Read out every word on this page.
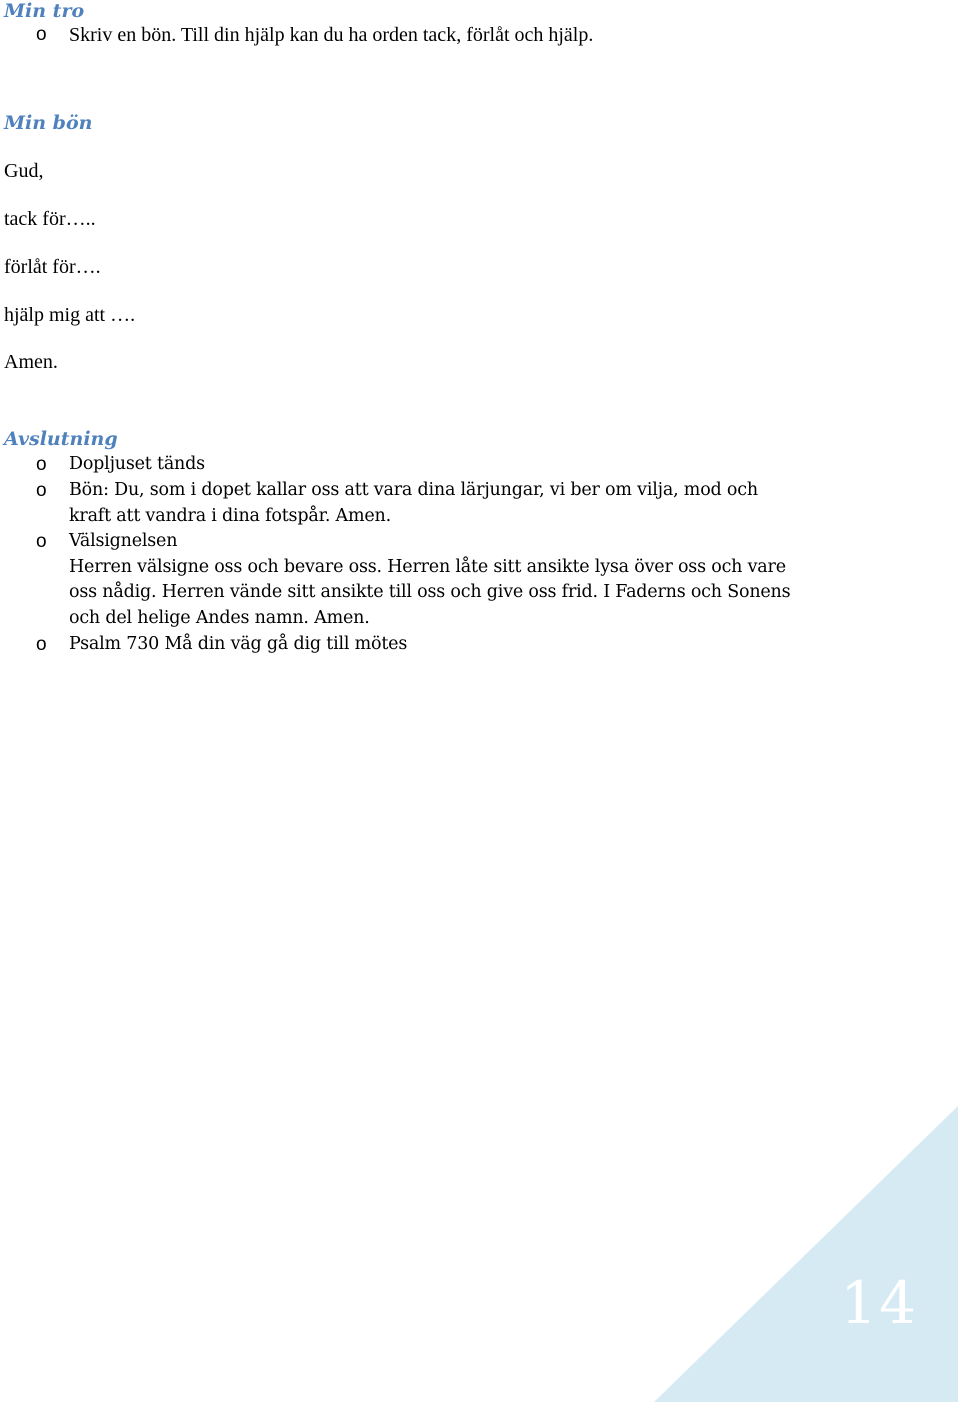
Min tro
o Skriv en bön. Till din hjälp kan du ha orden tack, förlåt och hjälp.
Min bön
Gud,
tack för…..
förlåt för….
hjälp mig att ….
Amen.
Avslutning
o Dopljuset tänds
o Bön: Du, som i dopet kallar oss att vara dina lärjungar, vi ber om vilja, mod och
kraft att vandra i dina fotspår. Amen.
o Välsignelsen
Herren välsigne oss och bevare oss. Herren låte sitt ansikte lysa över oss och vare
oss nådig. Herren vände sitt ansikte till oss och give oss frid. I Faderns och Sonens
och del helige Andes namn. Amen.
o Psalm 730 Må din väg gå dig till mötes
14
